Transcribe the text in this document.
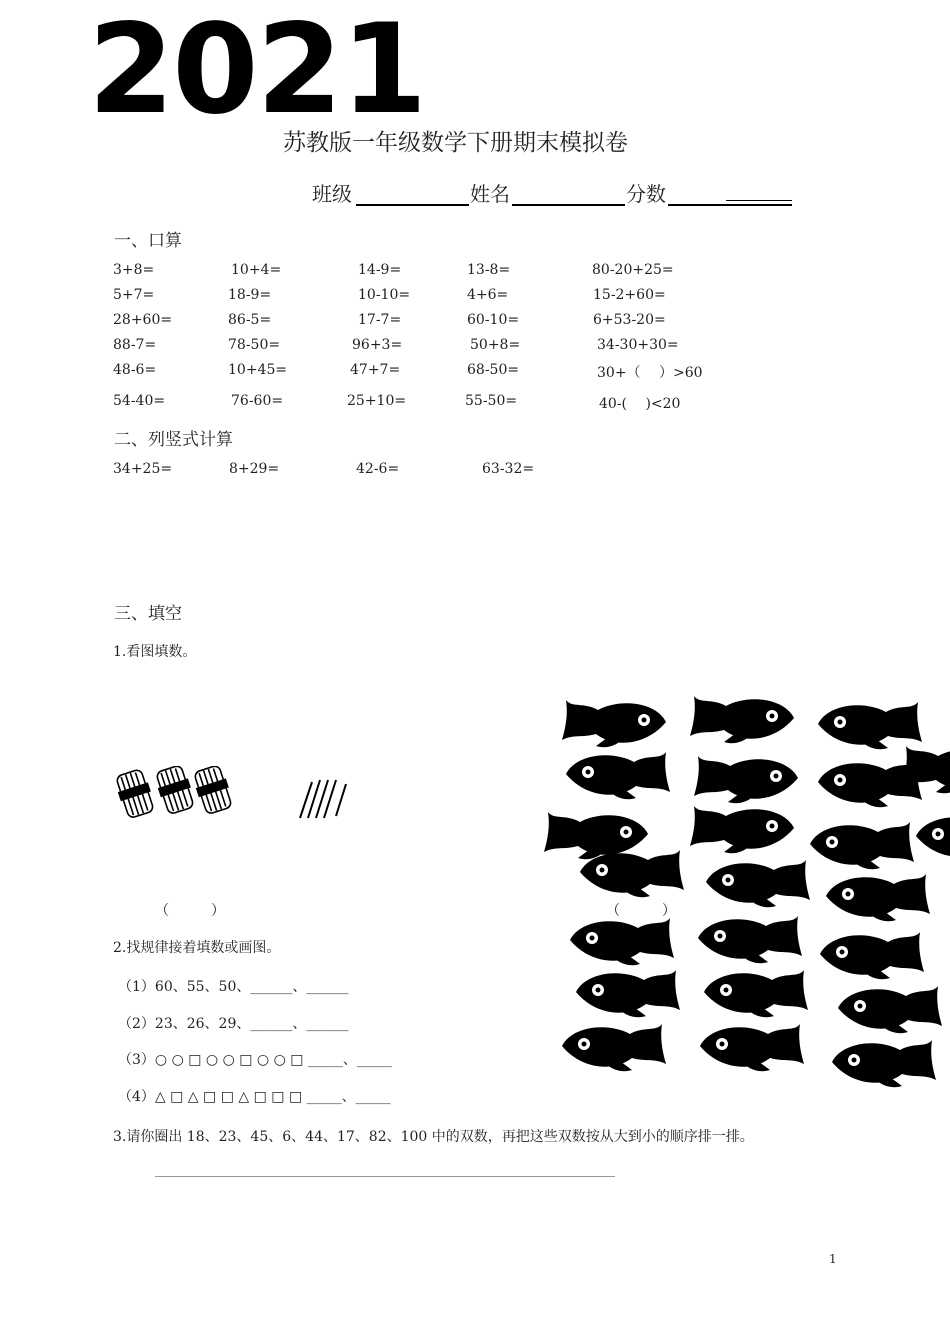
2021
苏教版一年级数学下册期末模拟卷
班级	姓名	分数
一、口算
3+8=	10+4=	14-9=	13-8=	80-20+25=
5+7=	18-9=	10-10=	4+6=	15-2+60=
28+60=	86-5=	17-7=	60-10=	6+53-20=
88-7=	78-50=	96+3=	50+8=	34-30+30=
48-6=	10+45=	47+7=	68-50=	30+（　 ）>60
54-40=	76-60=	25+10=	55-50=	40-(　 )<20
二、列竖式计算
34+25=	8+29=	42-6=	63-32=
三、填空
1.看图填数。
（　　　）	（　　　）
2.找规律接着填数或画图。
（1）60、55、50、______、______
（2）23、26、29、______、______
（3）○ ○ □ ○ ○ □ ○ ○ □ _____、_____
（4）△ □ △ □ □ △ □ □ □ _____、_____
3.请你圈出 18、23、45、6、44、17、82、100 中的双数，再把这些双数按从大到小的顺序排一排。
1
